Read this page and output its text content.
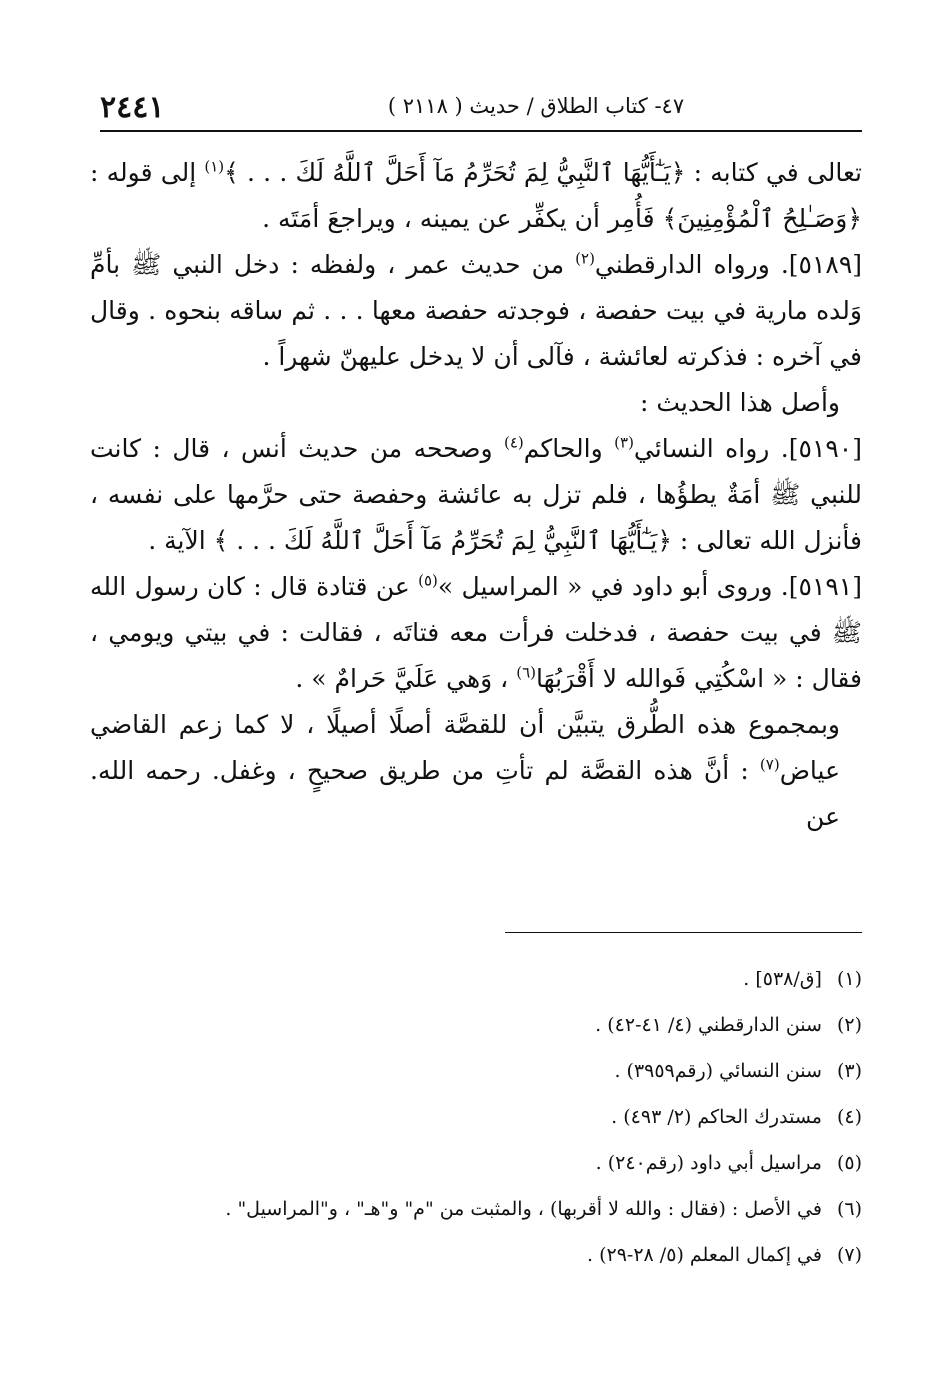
٢٤٤١	٤٧- كتاب الطلاق / حديث ( ٢١١٨ )

تعالى في كتابه : ﴿يَـٰٓأَيُّهَا ٱلنَّبِيُّ لِمَ تُحَرِّمُ مَآ أَحَلَّ ٱللَّهُ لَكَ . . . ﴾$^{(١)}$ إلى قوله : ﴿وَصَـٰلِحُ ٱلْمُؤْمِنِينَ﴾ فَأُمِر أن يكفِّر عن يمينه ، ويراجعَ أمَتَه .

[٥١٨٩]. ورواه الدارقطني$^{(٢)}$ من حديث عمر ، ولفظه : دخل النبي ﷺ بأمِّ وَلده مارية في بيت حفصة ، فوجدته حفصة معها . . . ثم ساقه بنحوه . وقال في آخره : فذكرته لعائشة ، فآلى أن لا يدخل عليهنّ شهراً .

وأصل هذا الحديث :

[٥١٩٠]. رواه النسائي$^{(٣)}$ والحاكم$^{(٤)}$ وصححه من حديث أنس ، قال : كانت للنبي ﷺ أمَةٌ يطؤُها ، فلم تزل به عائشة وحفصة حتى حرَّمها على نفسه ، فأنزل الله تعالى : ﴿يَـٰٓأَيُّهَا ٱلنَّبِيُّ لِمَ تُحَرِّمُ مَآ أَحَلَّ ٱللَّهُ لَكَ . . . ﴾ الآية .

[٥١٩١]. وروى أبو داود في « المراسيل »$^{(٥)}$ عن قتادة قال : كان رسول الله ﷺ في بيت حفصة ، فدخلت فرأت معه فتاتَه ، فقالت : في بيتي ويومي ، فقال : « اسْكُتِي فَوالله لا أَقْرَبُهَا$^{(٦)}$ ، وَهي عَلَيَّ حَرامٌ » .

وبمجموع هذه الطُّرق يتبيَّن أن للقصَّة أصلًا أصيلًا ، لا كما زعم القاضي عياض$^{(٧)}$ : أنَّ هذه القصَّة لم تأتِ من طريق صحيحٍ ، وغفل. رحمه الله. عن

(١) [ق/٥٣٨] .
(٢) سنن الدارقطني (٤/ ٤١-٤٢) .
(٣) سنن النسائي (رقم٣٩٥٩) .
(٤) مستدرك الحاكم (٢/ ٤٩٣) .
(٥) مراسيل أبي داود (رقم٢٤٠) .
(٦) في الأصل : (فقال : والله لا أقربها) ، والمثبت من "م" و"هـ" ، و"المراسيل" .
(٧) في إكمال المعلم (٥/ ٢٨-٢٩) .
